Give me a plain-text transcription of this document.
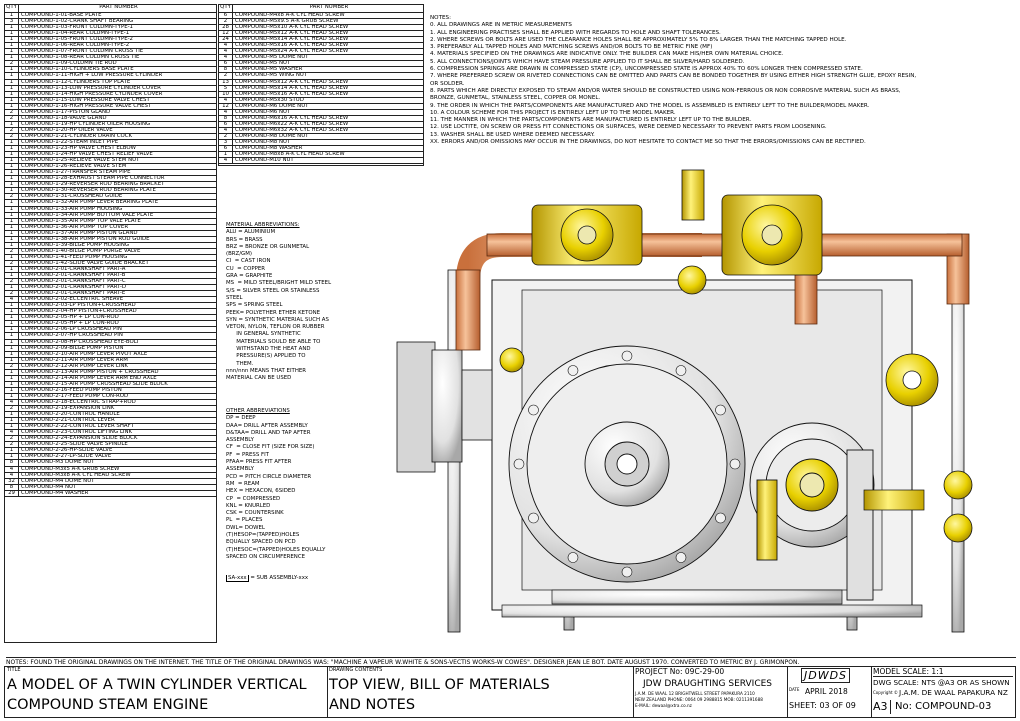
QTY	PART NUMBER
1	COMPOUND-1-01-BASE PLATE
3	COMPOUND-1-02-CRANK SHAFT BEARING
1	COMPOUND-1-03-FRONT COLUMN-TYPE-1
1	COMPOUND-1-04-REAR COLUMN-TYPE-1
1	COMPOUND-1-05-FRONT COLUMN-TYPE-2
1	COMPOUND-1-06-REAR COLUMN-TYPE-2
1	COMPOUND-1-07-FRONT COLUMN CROSS TIE
1	COMPOUND-1-08-REAR COLUMN CROSS TIE
2	COMPOUND-1-09-COLUMN TIE ROD
1	COMPOUND-1-10-CYLINDERS BASE PLATE
1	COMPOUND-1-11-HIGH + LOW PRESSURE CYLINDER
1	COMPOUND-1-12-CYLINDERS TOP PLATE
1	COMPOUND-1-13-LOW PRESSURE CYLINDER COVER
1	COMPOUND-1-14-HIGH PRESSURE CYLINDER COVER
1	COMPOUND-1-15-LOW PRESSURE VALVE CHEST
1	COMPOUND-1-16-HIGH PRESSURE VALVE CHEST
2	COMPOUND-1-17-PISTON GLAND
2	COMPOUND-1-18-VALVE GLAND
1	COMPOUND-1-19-HP CYLINDER OILER HOUSING
2	COMPOUND-1-20-HP OILER VALVE
2	COMPOUND-1-21-CYLINDER DRAIN COCK
1	COMPOUND-1-22-STEAM INLET PIPE
1	COMPOUND-1-23-HP VALVE CHEST ELBOW
1	COMPOUND-1-24-HP VALVE CHEST RELIEF VALVE
1	COMPOUND-1-25-RELIEVE VALVE STEM NUT
1	COMPOUND-1-26-RELIEVE VALVE STEM
1	COMPOUND-1-27-TRANSFER STEAM PIPE
1	COMPOUND-1-28-EXHAUST STEAM PIPE CONNECTOR
1	COMPOUND-1-29-REVERSER ROD BEARING BRACKET
1	COMPOUND-1-30-REVERSER ROD BEARING PLATE
2	COMPOUND-1-31-CROSSHEAD GUIDE
1	COMPOUND-1-32-AIR PUMP LEVER BEARING PLATE
1	COMPOUND-1-33-AIR PUMP HOUSING
1	COMPOUND-1-34-AIR PUMP BOTTOM VALE PLATE
1	COMPOUND-1-35-AIR PUMP TOP VALE PLATE
1	COMPOUND-1-36-AIR PUMP TOP COVER
1	COMPOUND-1-37-AIR PUMP PISTON GLAND
1	COMPOUND-1-38-AIR PUMP PISTON ROD GUIDE
1	COMPOUND-1-39-BILGE PUMP HOUSING
2	COMPOUND-1-40-BILGE PUMP PURGE VALVE
1	COMPOUND-1-41-FEED PUMP HOUSING
2	COMPOUND-1-42-SLIDE VALVE GUIDE BRACKET
1	COMPOUND-2-01-CRANKSHAFT PART-A
1	COMPOUND-2-01-CRANKSHAFT PART-B
2	COMPOUND-2-01-CRANKSHAFT PART-C
1	COMPOUND-2-01-CRANKSHAFT PART-D
2	COMPOUND-2-01-CRANKSHAFT PART-E
4	COMPOUND-2-02-ECCENTRIC SHEAVE
1	COMPOUND-2-03-LP PISTON+CROSSHEAD
1	COMPOUND-2-04-HP PISTON+CROSSHEAD
1	COMPOUND-2-05-HP + LP CON-ROD
1	COMPOUND-2-05-HP + LP CON-ROD
1	COMPOUND-2-06-LP CROSSHEAD PIN
1	COMPOUND-2-07-HP CROSSHEAD PIN
1	COMPOUND-2-08-HP CROSSHEAD EYE-BOLT
1	COMPOUND-2-09-BILGE PUMP PISTON
1	COMPOUND-2-10-AIR PUMP LEVER PIVOT AXLE
1	COMPOUND-2-11-AIR PUMP LEVER ARM
2	COMPOUND-2-12-AIR PUMP LEVER LINK
1	COMPOUND-2-13-AIR PUMP PISTON + CROSSHEAD
1	COMPOUND-2-14-AIR PUMP LEVER ARM END AXLE
1	COMPOUND-2-15-AIR PUMP CROSSHEAD SLIDE BLOCK
1	COMPOUND-2-16-FEED PUMP PISTON
1	COMPOUND-2-17-FEED PUMP CON-ROD
4	COMPOUND-2-18-ECCENTRIC STRAP+ROD
2	COMPOUND-2-19-EXPANSION LINK
1	COMPOUND-2-20-CONTROL HANDLE
1	COMPOUND-2-21-CONTROL LEVER
1	COMPOUND-2-22-CONTROL LEVER SHAFT
4	COMPOUND-2-23-CONTROL LIFTING LINK
2	COMPOUND-2-24-EXPANSION SLIDE BLOCK
2	COMPOUND-2-25-SLIDE VALVE SPINDLE
1	COMPOUND-2-26-HP-SLIDE VALVE
1	COMPOUND-2-27-LP-SLIDE VALVE
8	COMPOUND-M3 DOME NUT
4	COMPOUND-M3x5 A-K GRUB SCREW
4	COMPOUND-M3x8 A-K CYL HEAD SCREW
32	COMPOUND-M4 DOME NUT
8	COMPOUND-M4 NUT
29	COMPOUND-M4 WASHER
QTY	PART NUMBER
6	COMPOUND-M4x8 A-K CYL HEAD SCREW
2	COMPOUND-M5x9.5 A-K GRUB SCREW
28	COMPOUND-M5x10 A-K CYL HEAD SCREW
12	COMPOUND-M5x12 A-K CYL HEAD SCREW
24	COMPOUND-M5x14 A-K CYL HEAD SCREW
4	COMPOUND-M5x16 A-K CYL HEAD SCREW
4	COMPOUND-M5x24 A-K CYL HEAD SCREW
4	COMPOUND-M5 DOME NUT
6	COMPOUND-M5 NUT
8	COMPOUND-M5 WASHER
2	COMPOUND-M5 WING NUT
13	COMPOUND-M5x12 A-K CYL HEAD SCREW
5	COMPOUND-M5x14 A-K CYL HEAD SCREW
10	COMPOUND-M5x16 A-K CYL HEAD SCREW
4	COMPOUND-M5x30 STUD
12	COMPOUND-M6 DOME NUT
4	COMPOUND-M6 NUT
8	COMPOUND-M6x16 A-K CYL HEAD SCREW
6	COMPOUND-M6x22 A-K CYL HEAD SCREW
4	COMPOUND-M6x32 A-K CYL HEAD SCREW
2	COMPOUND-M8 DOME NUT
3	COMPOUND-M8 NUT
6	COMPOUND-M8 WASHER
1	COMPOUND-M8x8 A-K CYL HEAD SCREW
4	COMPOUND-M10 NUT
MATERIAL ABBREVIATIONS:
ALU = ALUMINIUM
BRS = BRASS
BRZ = BRONZE OR GUNMETAL
(BRZ/GM)
CI  = CAST IRON
CU  = COPPER
GRA = GRAPHITE
MS  = MILD STEEL/BRIGHT MILD STEEL
S/S = SILVER STEEL OR STAINLESS
STEEL
SPS = SPRING STEEL
PEEK= POLYETHER ETHER KETONE
SYN = SYNTHETIC MATERIAL SUCH AS
VETON, NYLON, TEFLON OR RUBBER
IN GENERAL SYNTHETIC
MATERIALS SOULD BE ABLE TO
WITHSTAND THE HEAT AND
PRESSURE(S) APPLIED TO
THEM.
nnn/nnn MEANS THAT EITHER
MATERIAL CAN BE USED
OTHER ABBREVIATIONS
DP = DEEP
DAA= DRILL AFTER ASSEMBLY
D&TAA= DRILL AND TAP AFTER
ASSEMBLY
CF  = CLOSE FIT (SIZE FOR SIZE)
PF  = PRESS FIT
PFAA= PRESS FIT AFTER
ASSEMBLY
PCD = PITCH CIRCLE DIAMETER
RM  = REAM
HEX = HEXACON, 6SIDED
CP  = COMPRESSED
KNL = KNURLED
CSK = COUNTERSINK
PL  = PLACES
DWL= DOWEL
(T)HESOP=(TAPPED)HOLES
EQUALLY SPACED ON PCD
(T)HESOC=(TAPPED)HOLES EQUALLY
SPACED ON CIRCUMFERENCE
SA-xxx = SUB ASSEMBLY-xxx
NOTES:
0. ALL DRAWINGS ARE IN METRIC MEASUREMENTS
1. ALL ENGINEERING PRACTISES SHALL BE APPLIED WITH REGARDS TO HOLE AND SHAFT TOLERANCES.
2. WHERE SCREWS OR BOLTS ARE USED THE CLEARANCE HOLES SHALL BE APPROXIMATELY 5% TO 8% LARGER THAN THE MATCHING TAPPED HOLE.
3. PREFERABLY ALL TAPPED HOLES AND MATCHING SCREWS AND/OR BOLTS TO BE METRIC FINE (MF)
4. MATERIALS SPECIFIED ON THE DRAWINGS ARE INDICATIVE ONLY. THE BUILDER CAN MAKE HIS/HER OWN MATERIAL CHOICE.
5. ALL CONNECTIONS/JOINTS WHICH HAVE STEAM PRESSURE APPLIED TO IT SHALL BE SILVER/HARD SOLDERED.
6. COMPRESSION SPRINGS ARE DRAWN IN COMPRESSED STATE (CP), UNCOMPRESSED STATE IS APPROX 40% TO 60% LONGER THEN COMPRESSED STATE.
7. WHERE PREFERRED SCREW OR RIVETED CONNECTIONS CAN BE OMITTED AND PARTS CAN BE BONDED TOGETHER BY USING EITHER HIGH STRENGTH GLUE, EPOXY RESIN,
OR SOLDER.
8. PARTS WHICH ARE DIRECTLY EXPOSED TO STEAM AND/OR WATER SHOULD BE CONSTRUCTED USING NON-FERROUS OR NON CORROSIVE MATERIAL SUCH AS BRASS,
BRONZE, GUNMETAL, STAINLESS STEEL, COPPER OR MONEL.
9. THE ORDER IN WHICH THE PARTS/COMPONENTS ARE MANUFACTURED AND THE MODEL IS ASSEMBLED IS ENTIRELY LEFT TO THE BUILDER/MODEL MAKER.
10. A COLOUR SCHEME FOR THIS PROJECT IS ENTIRELY LEFT UP TO THE MODEL MAKER.
11. THE MANNER IN WHICH THE PARTS/COMPONENTS ARE MANUFACTURED IS ENTIRELY LEFT UP TO THE BUILDER.
12. USE LOCTITE, ON SCREW OR PRESS FIT CONNECTIONS OR SURFACES, WERE DEEMED NECESSARY TO PREVENT PARTS FROM LOOSENING.
13. WASHER SHALL BE USED WHERE DEEMED NECESSARY.
XX. ERRORS AND/OR OMISSIONS MAY OCCUR IN THE DRAWINGS, DO NOT HESITATE TO CONTACT ME SO THAT THE ERRORS/OMISSIONS CAN BE RECTIFIED.
NOTES: FOUND THE ORIGINAL DRAWINGS ON THE INTERNET. THE TITLE OF THE ORIGINAL DRAWINGS WAS: "MACHINE A VAPEUR W.WHITE & SONS-VECTIS WORKS-W COWES". DESIGNER JEAN LE BOT. DATE AUGUST 1970. CONVERTED TO METRIC BY J. GRIMONPON.
TITLE
A MODEL OF A TWIN CYLINDER VERTICAL
COMPOUND STEAM ENGINE
DRAWING CONTENTS
TOP VIEW, BILL OF MATERIALS
AND NOTES
PROJECT No: 09C-29-00
JDW DRAUGHTING SERVICES
J.A.M. DE WAAL 12 BRIGHTWELL STREET PAPAKURA 2110
NEW ZEALAND PHONE: 0064 09 2988815 MOB: 0211391688
E-MAIL: dewaal@xtra.co.nz
JDWDS
DATE APRIL 2018
SHEET: 03 OF 09
MODEL SCALE: 1:1
DWG SCALE: NTS @A3 OR AS SHOWN
Copyright © J.A.M. DE WAAL PAPAKURA NZ
A3 No: COMPOUND-03
